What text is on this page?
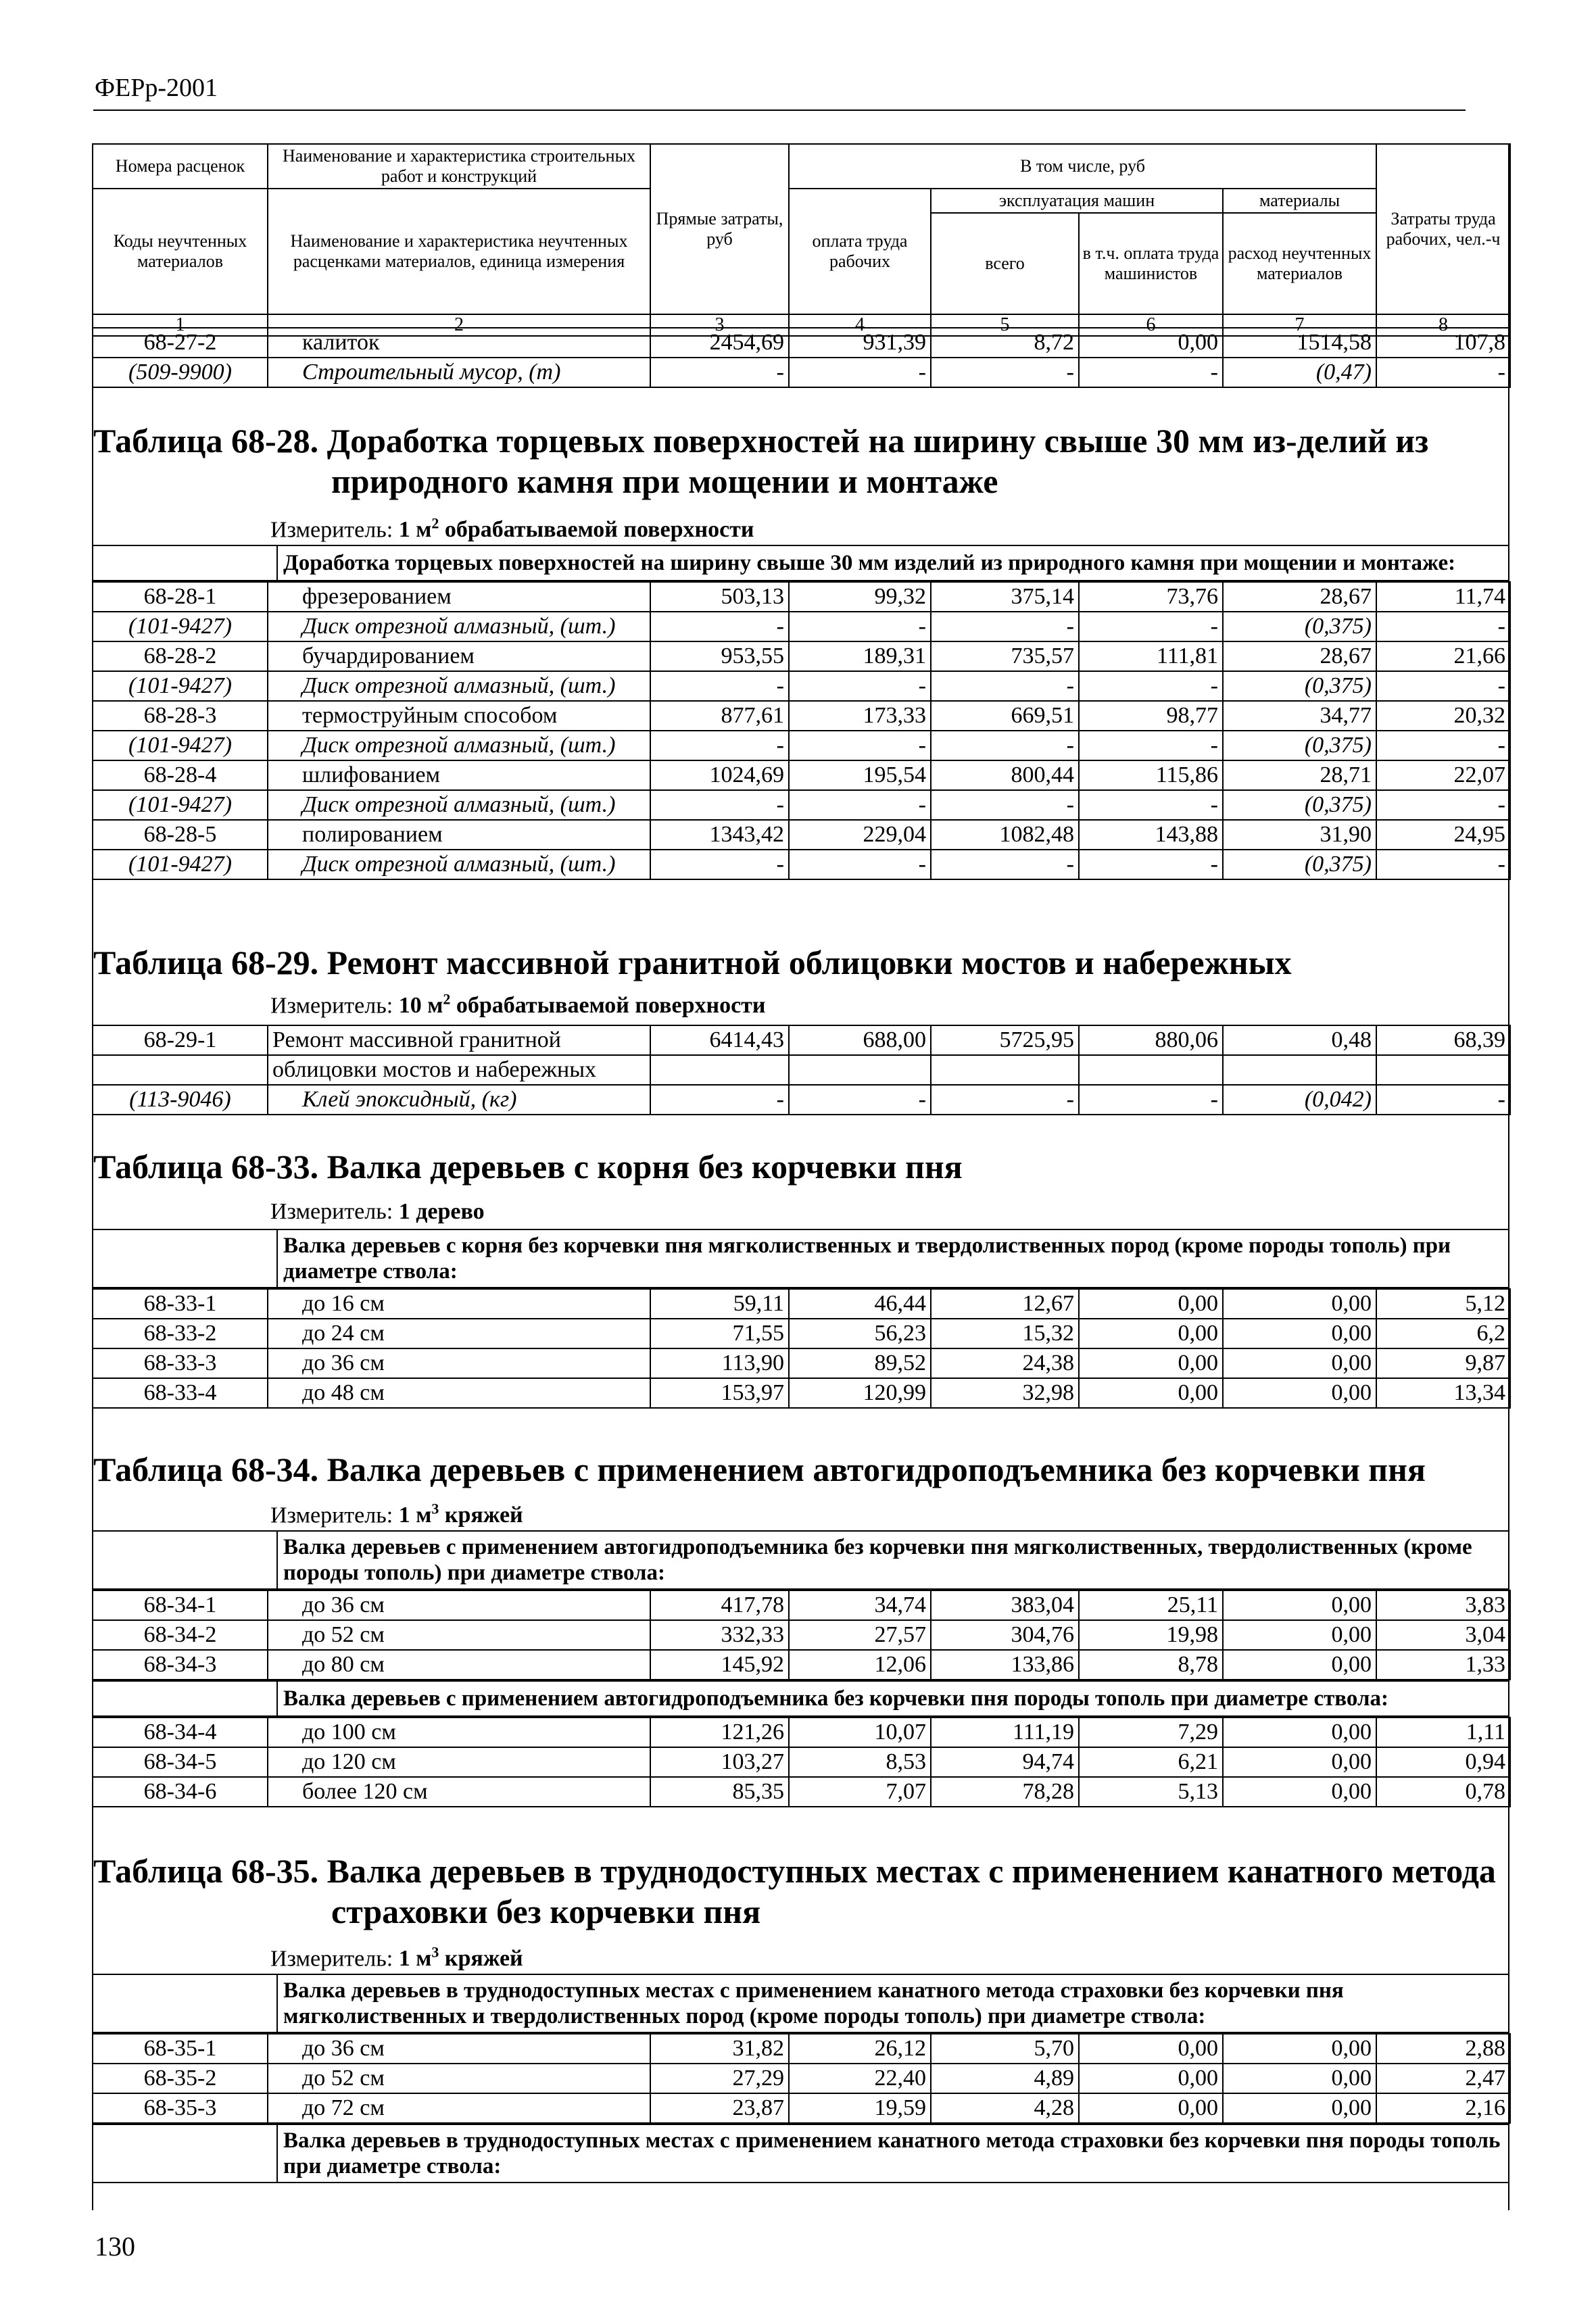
ФЕРр-2001
Номера расценок	Наименование и характеристика строительных работ и конструкций	Прямые затраты, руб	В том числе, руб				Затраты труда рабочих, чел.-ч
Коды неучтенных материалов	Наименование и характеристика неучтенных расценками материалов, единица измерения		оплата труда рабочих	эксплуатация машин		материалы	
				всего	в т.ч. оплата труда машинистов	расход неучтенных материалов	
1	2	3	4	5	6	7	8
68-27-2	калиток	2454,69	931,39	8,72	0,00	1514,58	107,8
(509-9900)	Строительный мусор, (т)	-	-	-	-	(0,47)	-
Таблица 68-28. Доработка торцевых поверхностей на ширину свыше 30 мм из-делий из
природного камня при мощении и монтаже
Измеритель: 1 $м^2$ обрабатываемой поверхности
	Доработка торцевых поверхностей на ширину свыше 30 мм изделий из природного камня при мощении и монтаже:
68-28-1	фрезерованием	503,13	99,32	375,14	73,76	28,67	11,74
(101-9427)	Диск отрезной алмазный, (шт.)	-	-	-	-	(0,375)	-
68-28-2	бучардированием	953,55	189,31	735,57	111,81	28,67	21,66
(101-9427)	Диск отрезной алмазный, (шт.)	-	-	-	-	(0,375)	-
68-28-3	термоструйным способом	877,61	173,33	669,51	98,77	34,77	20,32
(101-9427)	Диск отрезной алмазный, (шт.)	-	-	-	-	(0,375)	-
68-28-4	шлифованием	1024,69	195,54	800,44	115,86	28,71	22,07
(101-9427)	Диск отрезной алмазный, (шт.)	-	-	-	-	(0,375)	-
68-28-5	полированием	1343,42	229,04	1082,48	143,88	31,90	24,95
(101-9427)	Диск отрезной алмазный, (шт.)	-	-	-	-	(0,375)	-
Таблица 68-29. Ремонт массивной гранитной облицовки мостов и набережных
Измеритель: 10 $м^2$ обрабатываемой поверхности
68-29-1	Ремонт массивной гранитной	6414,43	688,00	5725,95	880,06	0,48	68,39
	облицовки мостов и набережных						
(113-9046)	Клей эпоксидный, (кг)	-	-	-	-	(0,042)	-
Таблица 68-33. Валка деревьев с корня без корчевки пня
Измеритель: 1 дерево
	Валка деревьев с корня без корчевки пня мягколиственных и твердолиственных пород (кроме породы тополь) при диаметре ствола:
68-33-1	до 16 см	59,11	46,44	12,67	0,00	0,00	5,12
68-33-2	до 24 см	71,55	56,23	15,32	0,00	0,00	6,2
68-33-3	до 36 см	113,90	89,52	24,38	0,00	0,00	9,87
68-33-4	до 48 см	153,97	120,99	32,98	0,00	0,00	13,34
Таблица 68-34. Валка деревьев с применением автогидроподъемника без корчевки пня
Измеритель: 1 $м^3$ кряжей
	Валка деревьев с применением автогидроподъемника без корчевки пня мягколиственных, твердолиственных (кроме породы тополь) при диаметре ствола:
68-34-1	до 36 см	417,78	34,74	383,04	25,11	0,00	3,83
68-34-2	до 52 см	332,33	27,57	304,76	19,98	0,00	3,04
68-34-3	до 80 см	145,92	12,06	133,86	8,78	0,00	1,33
	Валка деревьев с применением автогидроподъемника без корчевки пня породы тополь при диаметре ствола:
68-34-4	до 100 см	121,26	10,07	111,19	7,29	0,00	1,11
68-34-5	до 120 см	103,27	8,53	94,74	6,21	0,00	0,94
68-34-6	более 120 см	85,35	7,07	78,28	5,13	0,00	0,78
Таблица 68-35. Валка деревьев в труднодоступных местах с применением канатного метода
страховки без корчевки пня
Измеритель: 1 $м^3$ кряжей
	Валка деревьев в труднодоступных местах с применением канатного метода страховки без корчевки пня мягколиственных и твердолиственных пород (кроме породы тополь) при диаметре ствола:
68-35-1	до 36 см	31,82	26,12	5,70	0,00	0,00	2,88
68-35-2	до 52 см	27,29	22,40	4,89	0,00	0,00	2,47
68-35-3	до 72 см	23,87	19,59	4,28	0,00	0,00	2,16
	Валка деревьев в труднодоступных местах с применением канатного метода страховки без корчевки пня породы тополь при диаметре ствола:
130
